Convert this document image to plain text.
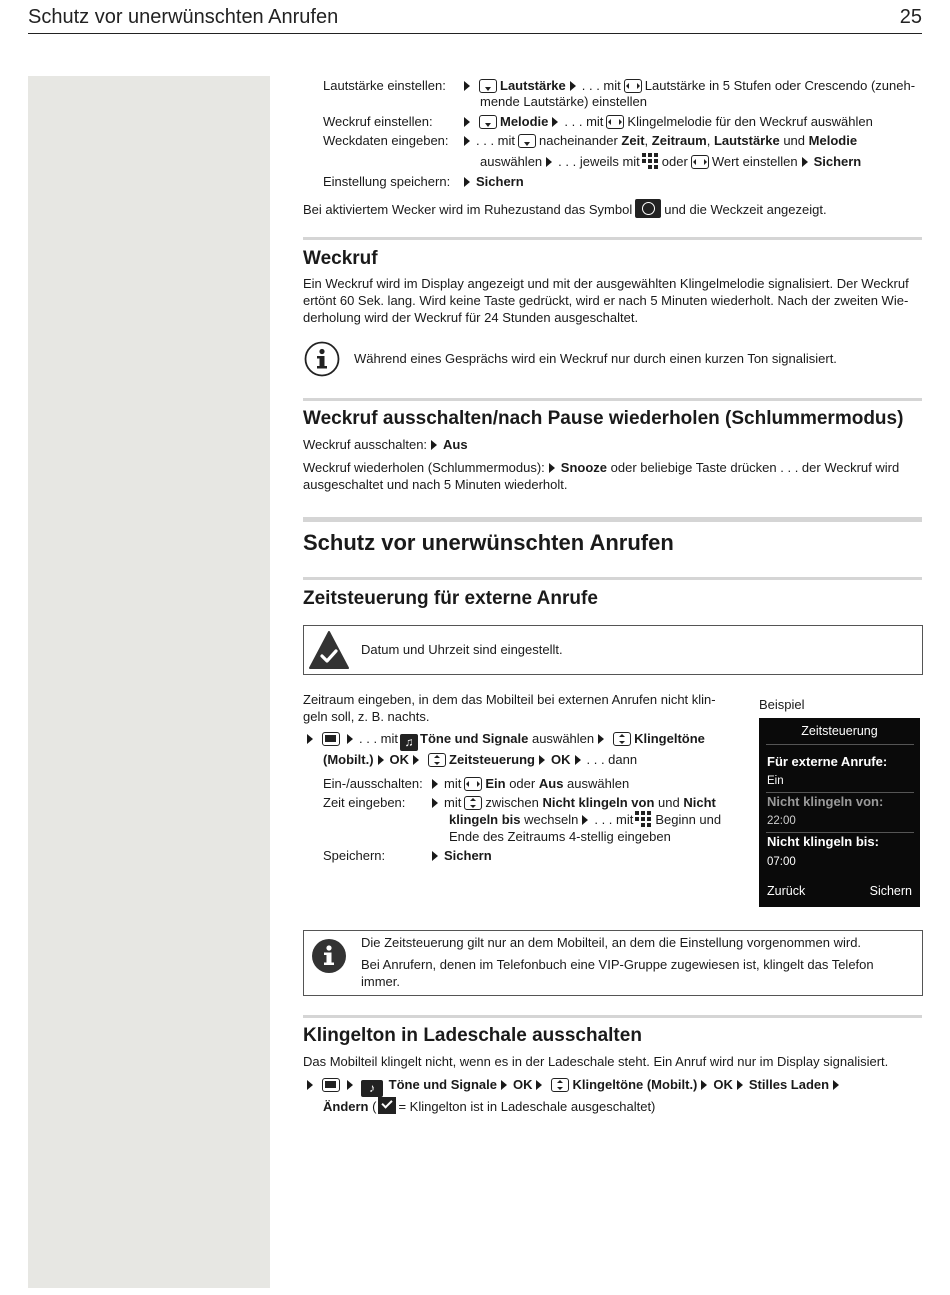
Schutz vor unerwünschten Anrufen	25
Lautstärke einstellen:	Lautstärke . . . mit Lautstärke in 5 Stufen oder Crescendo (zuneh-
mende Lautstärke) einstellen
Weckruf einstellen:	Melodie . . . mit Klingelmelodie für den Weckruf auswählen
Weckdaten eingeben:	. . . mit nacheinander Zeit, Zeitraum, Lautstärke und Melodie
auswählen . . . jeweils mit oder Wert einstellen Sichern
Einstellung speichern:	Sichern
Bei aktiviertem Wecker wird im Ruhezustand das Symbol und die Weckzeit angezeigt.
Weckruf
Ein Weckruf wird im Display angezeigt und mit der ausgewählten Klingelmelodie signalisiert. Der Weckruf
ertönt 60 Sek. lang. Wird keine Taste gedrückt, wird er nach 5 Minuten wiederholt. Nach der zweiten Wie-
derholung wird der Weckruf für 24 Stunden ausgeschaltet.
Während eines Gesprächs wird ein Weckruf nur durch einen kurzen Ton signalisiert.
Weckruf ausschalten/nach Pause wiederholen (Schlummermodus)
Weckruf ausschalten: Aus
Weckruf wiederholen (Schlummermodus): Snooze oder beliebige Taste drücken . . . der Weckruf wird
ausgeschaltet und nach 5 Minuten wiederholt.
Schutz vor unerwünschten Anrufen
Zeitsteuerung für externe Anrufe
Datum und Uhrzeit sind eingestellt.
Zeitraum eingeben, in dem das Mobilteil bei externen Anrufen nicht klin-
geln soll, z. B. nachts.
. . . mit ♫ Töne und Signale auswählen	Klingeltöne
(Mobilt.) OK	Zeitsteuerung OK . . . dann
Ein-/ausschalten:	mit Ein oder Aus auswählen
Zeit eingeben:	mit zwischen Nicht klingeln von und Nicht
klingeln bis wechseln . . . mit Beginn und
Ende des Zeitraums 4-stellig eingeben
Speichern:	Sichern
Beispiel
Zeitsteuerung
Für externe Anrufe:
Ein
Nicht klingeln von:
22:00
Nicht klingeln bis:
07:00
Zurück	Sichern
Die Zeitsteuerung gilt nur an dem Mobilteil, an dem die Einstellung vorgenommen wird.
Bei Anrufern, denen im Telefonbuch eine VIP-Gruppe zugewiesen ist, klingelt das Telefon
immer.
Klingelton in Ladeschale ausschalten
Das Mobilteil klingelt nicht, wenn es in der Ladeschale steht. Ein Anruf wird nur im Display signalisiert.
♪ Töne und Signale OK	Klingeltöne (Mobilt.) OK Stilles Laden
Ändern ( = Klingelton ist in Ladeschale ausgeschaltet)
